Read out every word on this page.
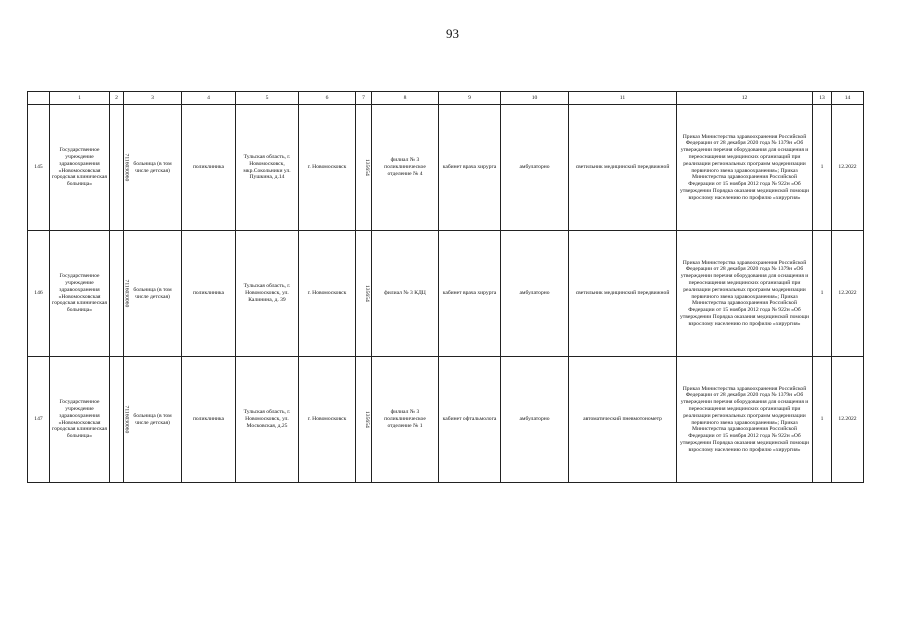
93
	1	2	3	4	5	6	7	8	9	10	11	12	13	14
145	Государственное учреждение здравоохранения «Новомосковская городская клиническая больница»	7116030060	больница (в том числе детская)	поликлиника	Тульская область, г. Новомосковск, мкр.Сокольники ул. Пушкина, д.14	г. Новомосковск	135654	филиал № 3 поликлиническое отделение № 4	кабинет врача хирурга	амбулаторно	светильник медицинский передвижной	Приказ Министерства здравоохранения Российской Федерации от 28 декабря 2020 года № 1379н «Об утверждении перечня оборудования для оснащения и переоснащения медицинских организаций при реализации региональных программ модернизации первичного звена здравоохранения»; Приказ Министерства здравоохранения Российской Федерации от 15 ноября 2012 года № 922н «Об утверждении Порядка оказания медицинской помощи взрослому населению по профилю «хирургия»	1	12.2022
146	Государственное учреждение здравоохранения «Новомосковская городская клиническая больница»	7116030060	больница (в том числе детская)	поликлиника	Тульская область, г. Новомосковск, ул. Калинина, д. 39	г. Новомосковск	135654	филиал № 3 КДЦ	кабинет врача хирурга	амбулаторно	светильник медицинский передвижной	Приказ Министерства здравоохранения Российской Федерации от 28 декабря 2020 года № 1379н «Об утверждении перечня оборудования для оснащения и переоснащения медицинских организаций при реализации региональных программ модернизации первичного звена здравоохранения»; Приказ Министерства здравоохранения Российской Федерации от 15 ноября 2012 года № 922н «Об утверждении Порядка оказания медицинской помощи взрослому населению по профилю «хирургия»	1	12.2022
147	Государственное учреждение здравоохранения «Новомосковская городская клиническая больница»	7116030060	больница (в том числе детская)	поликлиника	Тульская область, г. Новомосковск, ул. Московская, д.25	г. Новомосковск	135654	филиал № 3 поликлиническое отделение № 1	кабинет офтальмолога	амбулаторно	автоматический пневмотонометр	Приказ Министерства здравоохранения Российской Федерации от 28 декабря 2020 года № 1379н «Об утверждении перечня оборудования для оснащения и переоснащения медицинских организаций при реализации региональных программ модернизации первичного звена здравоохранения»; Приказ Министерства здравоохранения Российской Федерации от 15 ноября 2012 года № 922н «Об утверждении Порядка оказания медицинской помощи взрослому населению по профилю «хирургия»	1	12.2022
